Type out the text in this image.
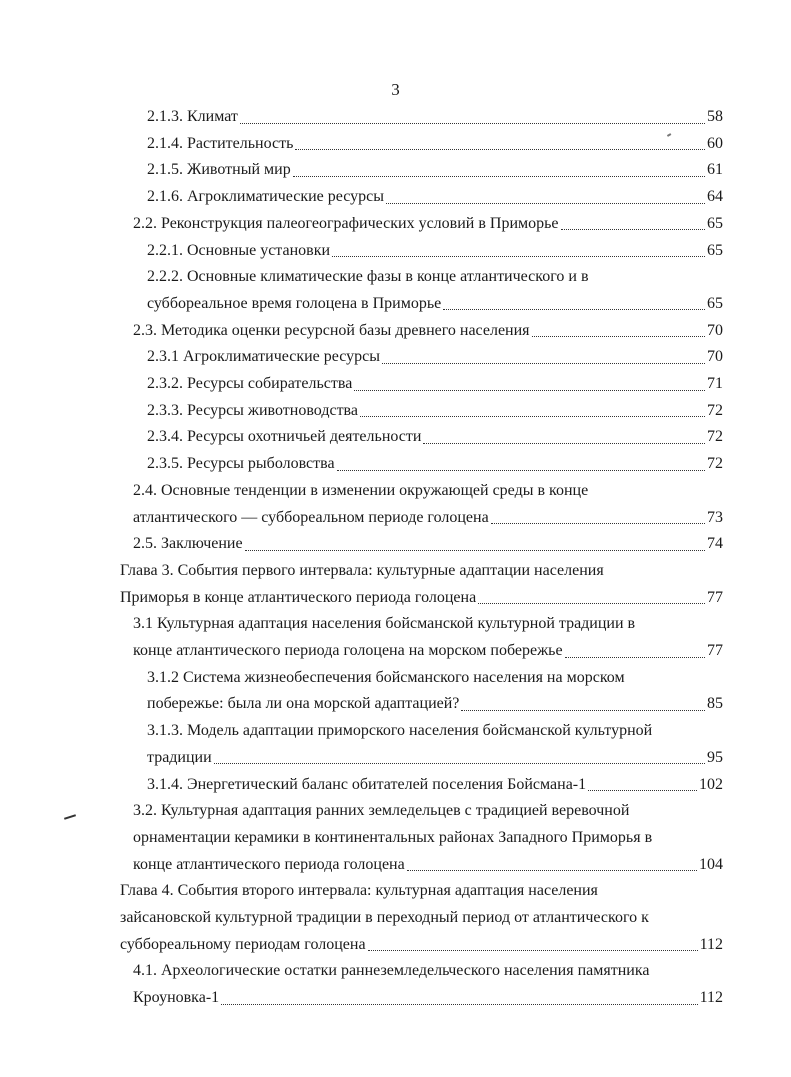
3
2.1.3. Климат	58
2.1.4. Растительность	60
2.1.5. Животный мир	61
2.1.6. Агроклиматические ресурсы	64
2.2. Реконструкция палеогеографических условий в Приморье	65
2.2.1. Основные установки	65
2.2.2. Основные климатические фазы в конце атлантического и в
суббореальное время голоцена в Приморье	65
2.3. Методика оценки ресурсной базы древнего населения	70
2.3.1 Агроклиматические ресурсы	70
2.3.2. Ресурсы собирательства	71
2.3.3. Ресурсы животноводства	72
2.3.4. Ресурсы охотничьей деятельности	72
2.3.5. Ресурсы рыболовства	72
2.4. Основные тенденции в изменении окружающей среды в конце
атлантического — суббореальном периоде голоцена	73
2.5. Заключение	74
Глава 3. События первого интервала: культурные адаптации населения
Приморья в конце атлантического периода голоцена	77
3.1 Культурная адаптация населения бойсманской культурной традиции в
конце атлантического периода голоцена на морском побережье	77
3.1.2 Система жизнеобеспечения бойсманского населения на морском
побережье: была ли она морской адаптацией?	85
3.1.3. Модель адаптации приморского населения бойсманской культурной
традиции	95
3.1.4. Энергетический баланс обитателей поселения Бойсмана-1	102
3.2. Культурная адаптация ранних земледельцев с традицией веревочной
орнаментации керамики в континентальных районах Западного Приморья в
конце атлантического периода голоцена	104
Глава 4. События второго интервала: культурная адаптация населения
зайсановской культурной традиции в переходный период от атлантического к
суббореальному периодам голоцена	112
4.1. Археологические остатки раннеземледельческого населения памятника
Кроуновка-1	112
